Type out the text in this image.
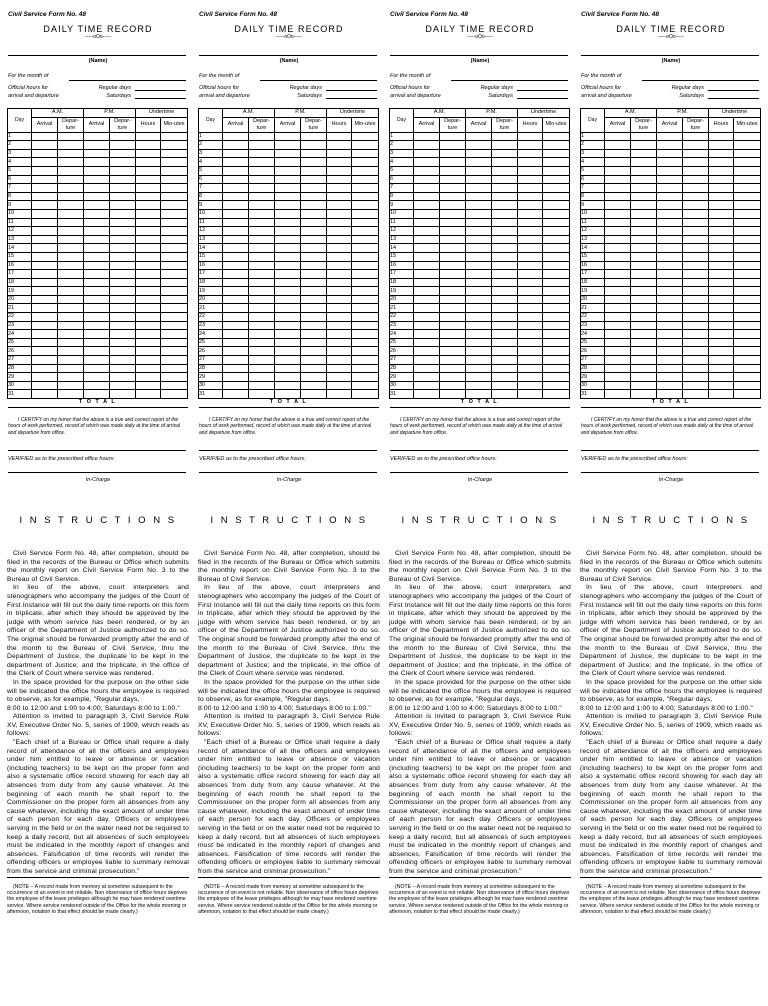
Civil Service Form No. 48
DAILY TIME RECORD
-----oOo-----
(Name)
For the month of
Official hours for
arrival and departure
Regular days
Saturdays
Day	A.M.		P.M.		Undertime	
	Arrival	Depar-ture	Arrival	Depar-ture	Hours	Min-utes
1						
2						
3						
4						
5						
6						
7						
8						
9						
10						
11						
12						
13						
14						
15						
16						
17						
18						
19						
20						
21						
22						
23						
24						
25						
26						
27						
28						
29						
30						
31						
T O T A L						
I CERTIFY on my honor that the above is a true and correct report of the hours of work performed, record of which was made daily at the time of arrival and departure from office.
VERIFIED as to the prescribed office hours:
In-Charge
I N S T R U C T I O N S

Civil Service Form No. 48, after completion, should be filed in the records of the Bureau or Office which submits the monthly report on Civil Service Form No. 3 to the Bureau of Civil Service.

In lieu of the above, court interpreters and stenographers who accompany the judges of the Court of First Instance will fill out the daily time reports on this form in triplicate, after which they should be approved by the judge with whom service has been rendered, or by an officer of the Department of Justice authorized to do so. The original should be forwarded promptly after the end of the month to the Bureau of Civil Service, thru the Department of Justice, the duplicate to be kept in the department of Justice; and the triplicate, in the office of the Clerk of Court where service was rendered.

In the space provided for the purpose on the other side will be indicated the office hours the employee is required to observe, as for example, "Regular days,

8:00 to 12:00 and 1:00 to 4:00; Saturdays 8:00 to 1:00."

Attention is invited to paragraph 3, Civil Service Rule XV, Executive Order No. 5, series of 1909, which reads as follows:

"Each chief of a Bureau or Office shall require a daily record of attendance of all the officers and employees under him entitled to leave or absence or vacation (including teachers) to be kept on the proper form and also a systematic office record showing for each day all absences from duty from any cause whatever. At the beginning of each month he shall report to the Commissioner on the proper form all absences from any cause whatever, including the exact amount of under time of each person for each day. Officers or employees serving in the field or on the water need not be required to keep a daily record, but all absences of such employees must be indicated in the monthly report of changes and absences. Falsification of time records will render the offending officers or employee liable to summary removal from the service and criminal prosecution."

(NOTE – A record made from memory at sometime subsequent to the occurrence of an event is not reliable. Non observance of office hours deprives the employee of the leave privileges although he may have rendered overtime service. Where service rendered outside of the Office for the whole morning or afternoon, notation to that effect should be made clearly.)
Civil Service Form No. 48
DAILY TIME RECORD
-----oOo-----
(Name)
For the month of
Official hours for
arrival and departure
Regular days
Saturdays
Day	A.M.		P.M.		Undertime	
	Arrival	Depar-ture	Arrival	Depar-ture	Hours	Min-utes
1						
2						
3						
4						
5						
6						
7						
8						
9						
10						
11						
12						
13						
14						
15						
16						
17						
18						
19						
20						
21						
22						
23						
24						
25						
26						
27						
28						
29						
30						
31						
T O T A L						
I CERTIFY on my honor that the above is a true and correct report of the hours of work performed, record of which was made daily at the time of arrival and departure from office.
VERIFIED as to the prescribed office hours:
In-Charge
I N S T R U C T I O N S

Civil Service Form No. 48, after completion, should be filed in the records of the Bureau or Office which submits the monthly report on Civil Service Form No. 3 to the Bureau of Civil Service.

In lieu of the above, court interpreters and stenographers who accompany the judges of the Court of First Instance will fill out the daily time reports on this form in triplicate, after which they should be approved by the judge with whom service has been rendered, or by an officer of the Department of Justice authorized to do so. The original should be forwarded promptly after the end of the month to the Bureau of Civil Service, thru the Department of Justice, the duplicate to be kept in the department of Justice; and the triplicate, in the office of the Clerk of Court where service was rendered.

In the space provided for the purpose on the other side will be indicated the office hours the employee is required to observe, as for example, "Regular days,

8:00 to 12:00 and 1:00 to 4:00; Saturdays 8:00 to 1:00."

Attention is invited to paragraph 3, Civil Service Rule XV, Executive Order No. 5, series of 1909, which reads as follows:

"Each chief of a Bureau or Office shall require a daily record of attendance of all the officers and employees under him entitled to leave or absence or vacation (including teachers) to be kept on the proper form and also a systematic office record showing for each day all absences from duty from any cause whatever. At the beginning of each month he shall report to the Commissioner on the proper form all absences from any cause whatever, including the exact amount of under time of each person for each day. Officers or employees serving in the field or on the water need not be required to keep a daily record, but all absences of such employees must be indicated in the monthly report of changes and absences. Falsification of time records will render the offending officers or employee liable to summary removal from the service and criminal prosecution."

(NOTE – A record made from memory at sometime subsequent to the occurrence of an event is not reliable. Non observance of office hours deprives the employee of the leave privileges although he may have rendered overtime service. Where service rendered outside of the Office for the whole morning or afternoon, notation to that effect should be made clearly.)
Civil Service Form No. 48
DAILY TIME RECORD
-----oOo-----
(Name)
For the month of
Official hours for
arrival and departure
Regular days
Saturdays
Day	A.M.		P.M.		Undertime	
	Arrival	Depar-ture	Arrival	Depar-ture	Hours	Min-utes
1						
2						
3						
4						
5						
6						
7						
8						
9						
10						
11						
12						
13						
14						
15						
16						
17						
18						
19						
20						
21						
22						
23						
24						
25						
26						
27						
28						
29						
30						
31						
T O T A L						
I CERTIFY on my honor that the above is a true and correct report of the hours of work performed, record of which was made daily at the time of arrival and departure from office.
VERIFIED as to the prescribed office hours:
In-Charge
I N S T R U C T I O N S

Civil Service Form No. 48, after completion, should be filed in the records of the Bureau or Office which submits the monthly report on Civil Service Form No. 3 to the Bureau of Civil Service.

In lieu of the above, court interpreters and stenographers who accompany the judges of the Court of First Instance will fill out the daily time reports on this form in triplicate, after which they should be approved by the judge with whom service has been rendered, or by an officer of the Department of Justice authorized to do so. The original should be forwarded promptly after the end of the month to the Bureau of Civil Service, thru the Department of Justice, the duplicate to be kept in the department of Justice; and the triplicate, in the office of the Clerk of Court where service was rendered.

In the space provided for the purpose on the other side will be indicated the office hours the employee is required to observe, as for example, "Regular days,

8:00 to 12:00 and 1:00 to 4:00; Saturdays 8:00 to 1:00."

Attention is invited to paragraph 3, Civil Service Rule XV, Executive Order No. 5, series of 1909, which reads as follows:

"Each chief of a Bureau or Office shall require a daily record of attendance of all the officers and employees under him entitled to leave or absence or vacation (including teachers) to be kept on the proper form and also a systematic office record showing for each day all absences from duty from any cause whatever. At the beginning of each month he shall report to the Commissioner on the proper form all absences from any cause whatever, including the exact amount of under time of each person for each day. Officers or employees serving in the field or on the water need not be required to keep a daily record, but all absences of such employees must be indicated in the monthly report of changes and absences. Falsification of time records will render the offending officers or employee liable to summary removal from the service and criminal prosecution."

(NOTE – A record made from memory at sometime subsequent to the occurrence of an event is not reliable. Non observance of office hours deprives the employee of the leave privileges although he may have rendered overtime service. Where service rendered outside of the Office for the whole morning or afternoon, notation to that effect should be made clearly.)
Civil Service Form No. 48
DAILY TIME RECORD
-----oOo-----
(Name)
For the month of
Official hours for
arrival and departure
Regular days
Saturdays
Day	A.M.		P.M.		Undertime	
	Arrival	Depar-ture	Arrival	Depar-ture	Hours	Min-utes
1						
2						
3						
4						
5						
6						
7						
8						
9						
10						
11						
12						
13						
14						
15						
16						
17						
18						
19						
20						
21						
22						
23						
24						
25						
26						
27						
28						
29						
30						
31						
T O T A L						
I CERTIFY on my honor that the above is a true and correct report of the hours of work performed, record of which was made daily at the time of arrival and departure from office.
VERIFIED as to the prescribed office hours:
In-Charge
I N S T R U C T I O N S

Civil Service Form No. 48, after completion, should be filed in the records of the Bureau or Office which submits the monthly report on Civil Service Form No. 3 to the Bureau of Civil Service.

In lieu of the above, court interpreters and stenographers who accompany the judges of the Court of First Instance will fill out the daily time reports on this form in triplicate, after which they should be approved by the judge with whom service has been rendered, or by an officer of the Department of Justice authorized to do so. The original should be forwarded promptly after the end of the month to the Bureau of Civil Service, thru the Department of Justice, the duplicate to be kept in the department of Justice; and the triplicate, in the office of the Clerk of Court where service was rendered.

In the space provided for the purpose on the other side will be indicated the office hours the employee is required to observe, as for example, "Regular days,

8:00 to 12:00 and 1:00 to 4:00; Saturdays 8:00 to 1:00."

Attention is invited to paragraph 3, Civil Service Rule XV, Executive Order No. 5, series of 1909, which reads as follows:

"Each chief of a Bureau or Office shall require a daily record of attendance of all the officers and employees under him entitled to leave or absence or vacation (including teachers) to be kept on the proper form and also a systematic office record showing for each day all absences from duty from any cause whatever. At the beginning of each month he shall report to the Commissioner on the proper form all absences from any cause whatever, including the exact amount of under time of each person for each day. Officers or employees serving in the field or on the water need not be required to keep a daily record, but all absences of such employees must be indicated in the monthly report of changes and absences. Falsification of time records will render the offending officers or employee liable to summary removal from the service and criminal prosecution."

(NOTE – A record made from memory at sometime subsequent to the occurrence of an event is not reliable. Non observance of office hours deprives the employee of the leave privileges although he may have rendered overtime service. Where service rendered outside of the Office for the whole morning or afternoon, notation to that effect should be made clearly.)
